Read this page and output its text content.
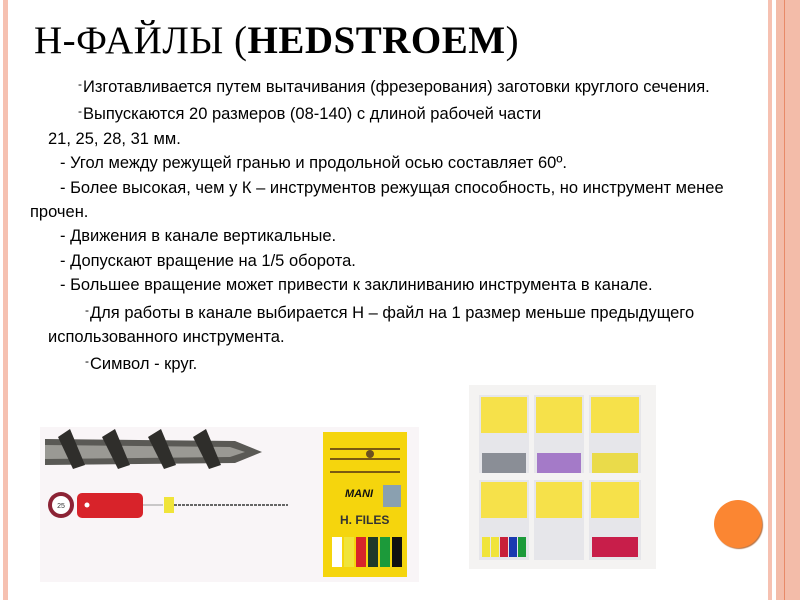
H-ФАЙЛЫ (HEDSTROEM)

-Изготавливается путем вытачивания (фрезерования) заготовки круглого сечения.

-Выпускаются 20 размеров (08-140) с длиной рабочей части

21, 25, 28, 31 мм.

- Угол между режущей гранью и продольной осью составляет 60º.

- Более высокая, чем у К – инструментов режущая способность, но инструмент менее прочен.

- Движения в канале вертикальные.

- Допускают вращение на 1/5 оборота.

- Большее вращение может привести к заклиниванию инструмента в канале.

-Для работы в канале выбирается Н – файл на 1 размер меньше предыдущего использованного инструмента.

-Символ - круг.

25
MANI
H. FILES
